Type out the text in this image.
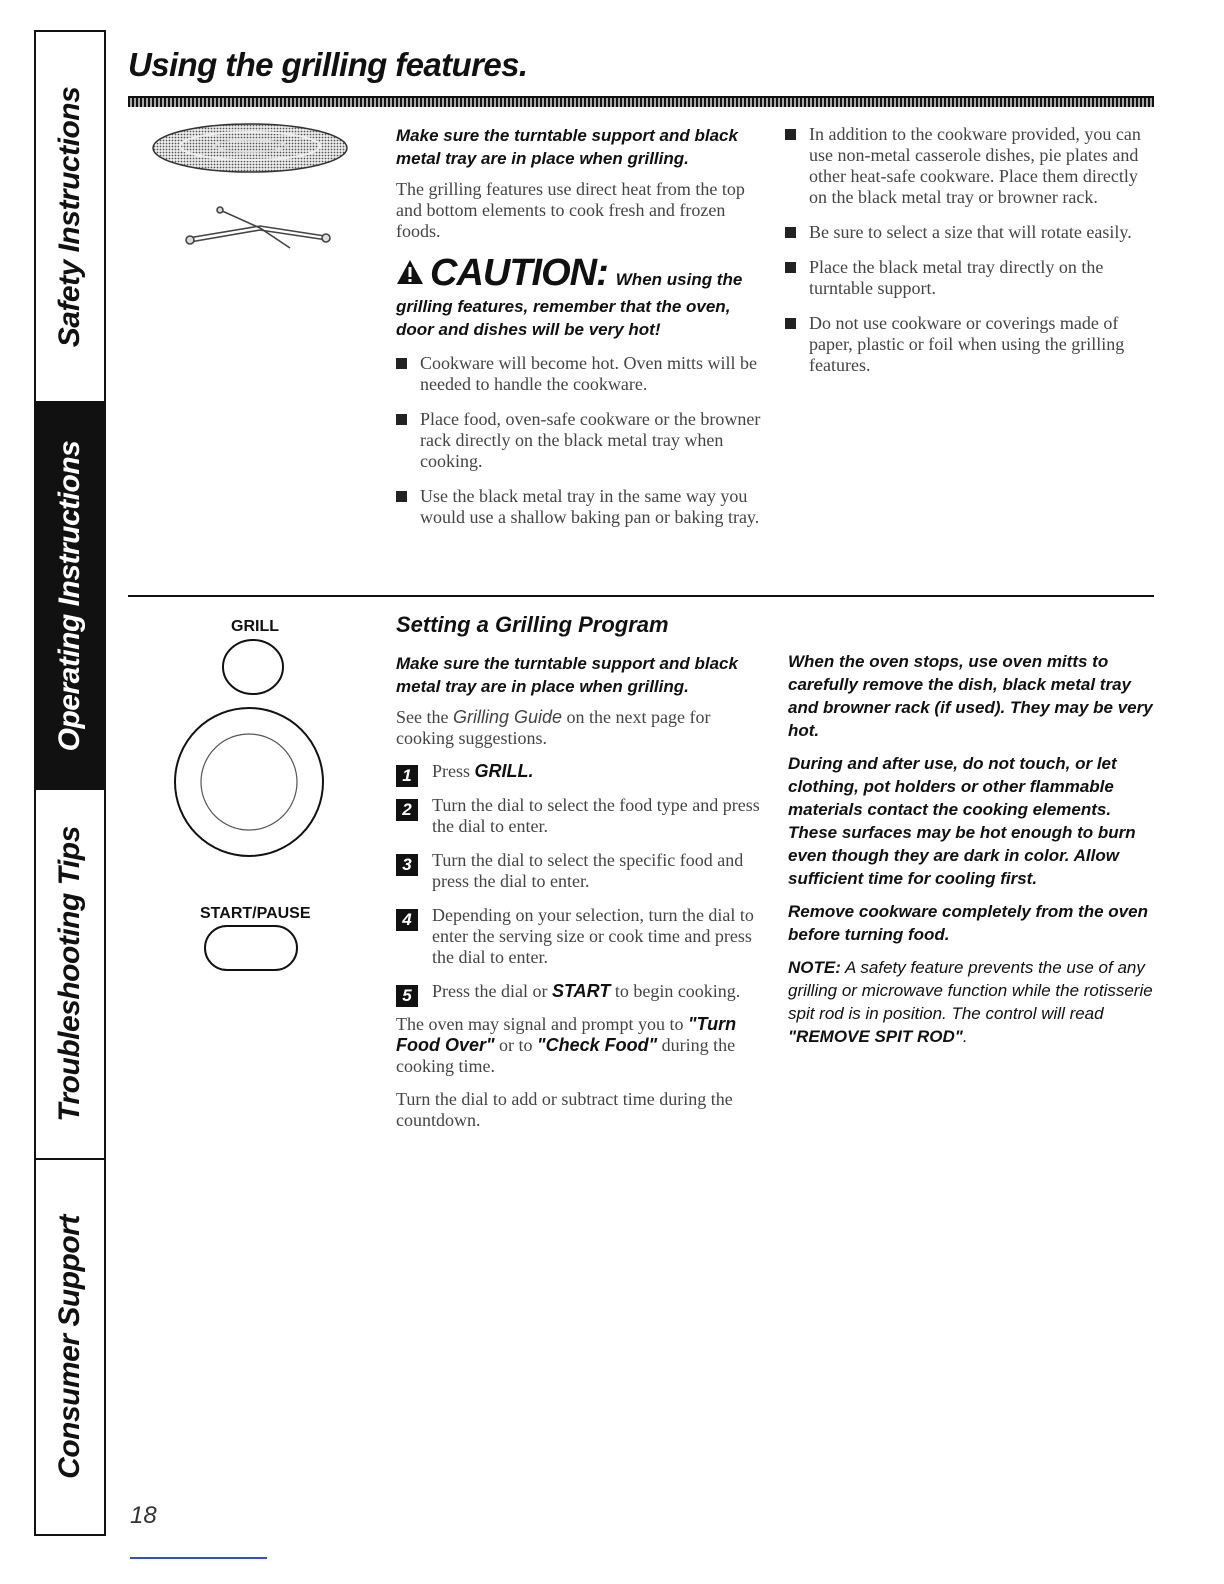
Safety Instructions
Operating Instructions
Troubleshooting Tips
Consumer Support
Using the grilling features.

Make sure the turntable support and black metal tray are in place when grilling.

The grilling features use direct heat from the top and bottom elements to cook fresh and frozen foods.

CAUTION: When using the

grilling features, remember that the oven, door and dishes will be very hot!

Cookware will become hot. Oven mitts will be needed to handle the cookware.
Place food, oven-safe cookware or the browner rack directly on the black metal tray when cooking.
Use the black metal tray in the same way you would use a shallow baking pan or baking tray.
In addition to the cookware provided, you can use non-metal casserole dishes, pie plates and other heat-safe cookware. Place them directly on the black metal tray or browner rack.
Be sure to select a size that will rotate easily.
Place the black metal tray directly on the turntable support.
Do not use cookware or coverings made of paper, plastic or foil when using the grilling features.
GRILL
START/PAUSE
Setting a Grilling Program

Make sure the turntable support and black metal tray are in place when grilling.

See the Grilling Guide on the next page for cooking suggestions.

1	Press GRILL.
2	Turn the dial to select the food type and press the dial to enter.
3	Turn the dial to select the specific food and press the dial to enter.
4	Depending on your selection, turn the dial to enter the serving size or cook time and press the dial to enter.
5	Press the dial or START to begin cooking.

The oven may signal and prompt you to "Turn Food Over" or to "Check Food" during the cooking time.

Turn the dial to add or subtract time during the countdown.

When the oven stops, use oven mitts to carefully remove the dish, black metal tray and browner rack (if used). They may be very hot.

During and after use, do not touch, or let clothing, pot holders or other flammable materials contact the cooking elements. These surfaces may be hot enough to burn even though they are dark in color. Allow sufficient time for cooling first.

Remove cookware completely from the oven before turning food.

NOTE: A safety feature prevents the use of any grilling or microwave function while the rotisserie spit rod is in position. The control will read "REMOVE SPIT ROD".

18
